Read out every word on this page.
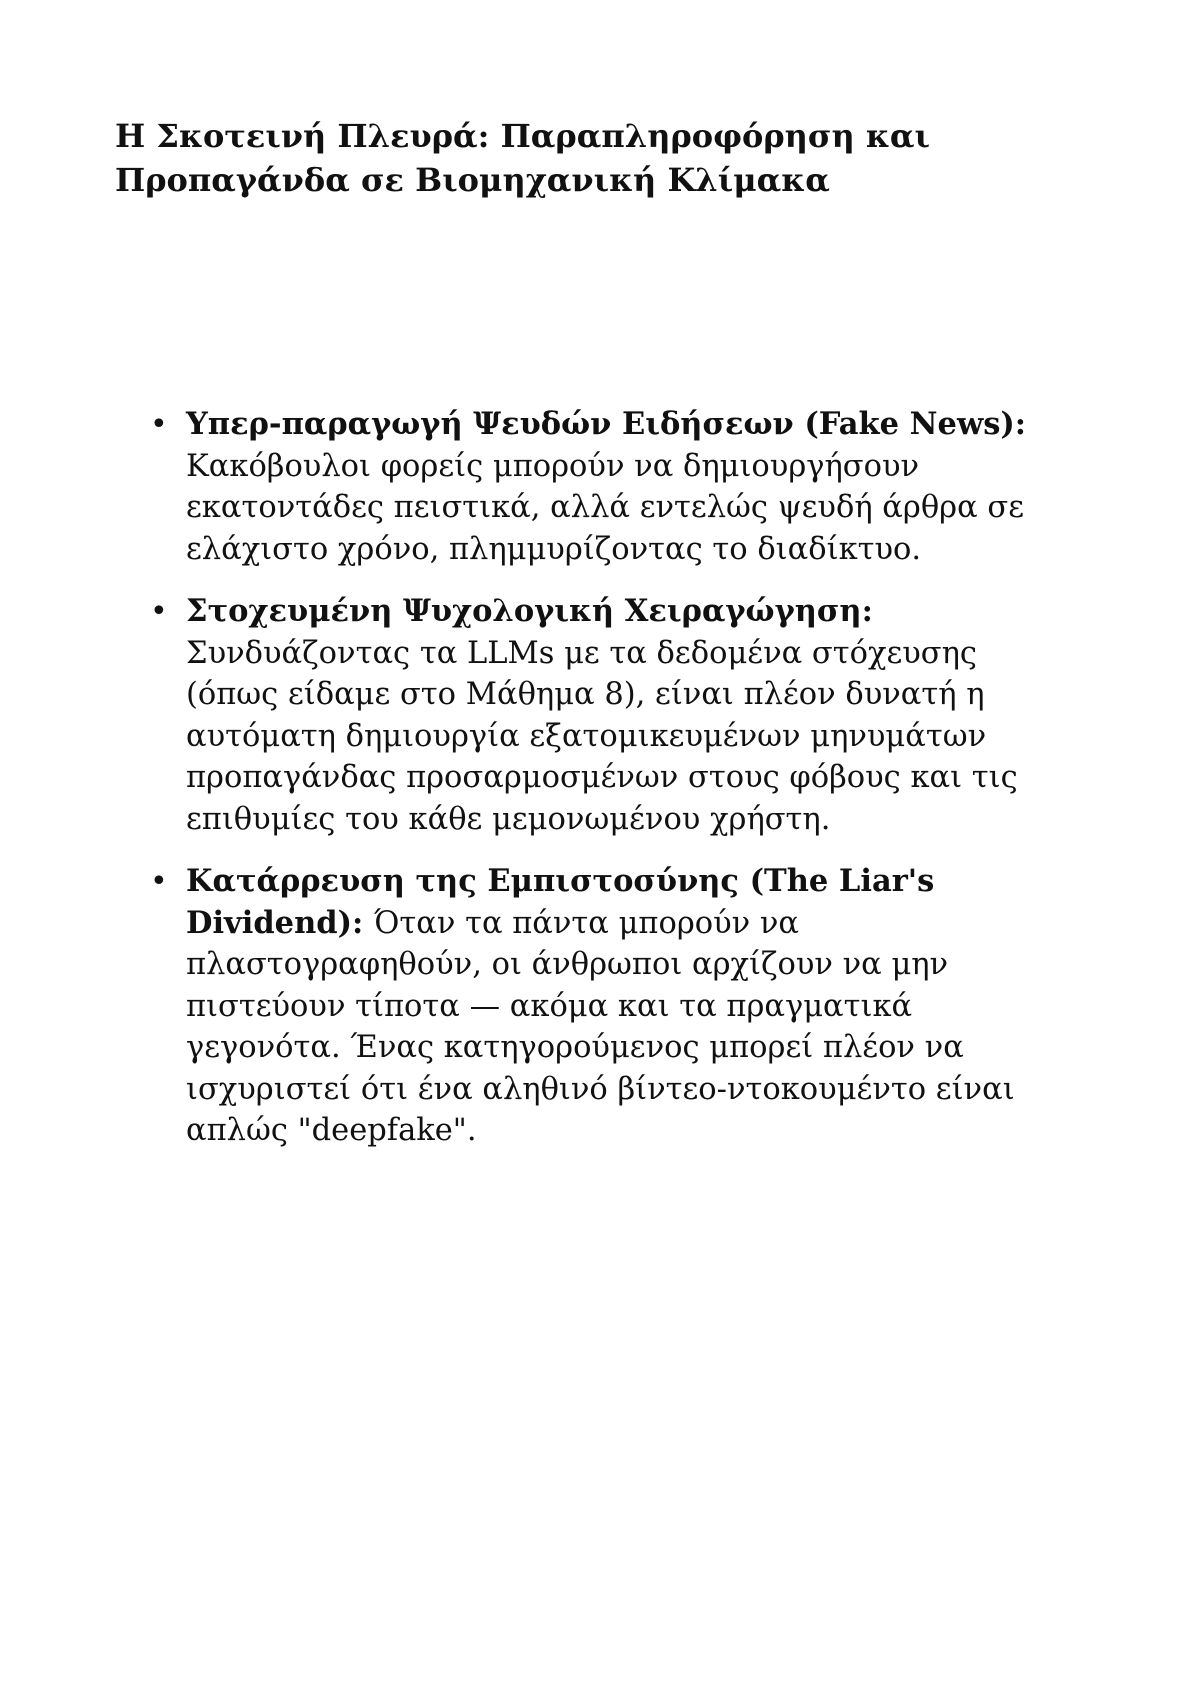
Η Σκοτεινή Πλευρά: Παραπληροφόρηση και Προπαγάνδα σε Βιομηχανική Κλίμακα
• Υπερ-παραγωγή Ψευδών Ειδήσεων (Fake News): Κακόβουλοι φορείς μπορούν να δημιουργήσουν εκατοντάδες πειστικά, αλλά εντελώς ψευδή άρθρα σε ελάχιστο χρόνο, πλημμυρίζοντας το διαδίκτυο.
• Στοχευμένη Ψυχολογική Χειραγώγηση: Συνδυάζοντας τα LLMs με τα δεδομένα στόχευσης (όπως είδαμε στο Μάθημα 8), είναι πλέον δυνατή η αυτόματη δημιουργία εξατομικευμένων μηνυμάτων προπαγάνδας προσαρμοσμένων στους φόβους και τις επιθυμίες του κάθε μεμονωμένου χρήστη.
• Κατάρρευση της Εμπιστοσύνης (The Liar's Dividend): Όταν τα πάντα μπορούν να πλαστογραφηθούν, οι άνθρωποι αρχίζουν να μην πιστεύουν τίποτα — ακόμα και τα πραγματικά γεγονότα. Ένας κατηγορούμενος μπορεί πλέον να ισχυριστεί ότι ένα αληθινό βίντεο-ντοκουμέντο είναι απλώς "deepfake".
